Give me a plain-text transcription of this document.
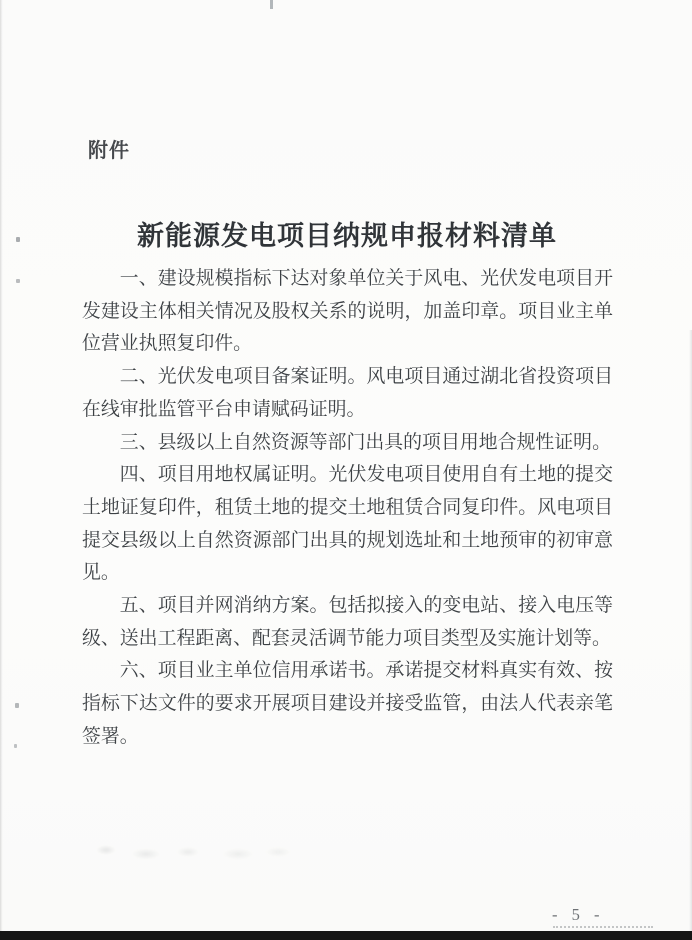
附件
新能源发电项目纳规申报材料清单

一、建设规模指标下达对象单位关于风电、光伏发电项目开发建设主体相关情况及股权关系的说明，加盖印章。项目业主单位营业执照复印件。

二、光伏发电项目备案证明。风电项目通过湖北省投资项目在线审批监管平台申请赋码证明。

三、县级以上自然资源等部门出具的项目用地合规性证明。

四、项目用地权属证明。光伏发电项目使用自有土地的提交土地证复印件，租赁土地的提交土地租赁合同复印件。风电项目提交县级以上自然资源部门出具的规划选址和土地预审的初审意见。

五、项目并网消纳方案。包括拟接入的变电站、接入电压等级、送出工程距离、配套灵活调节能力项目类型及实施计划等。

六、项目业主单位信用承诺书。承诺提交材料真实有效、按指标下达文件的要求开展项目建设并接受监管，由法人代表亲笔签署。

- 5 -
